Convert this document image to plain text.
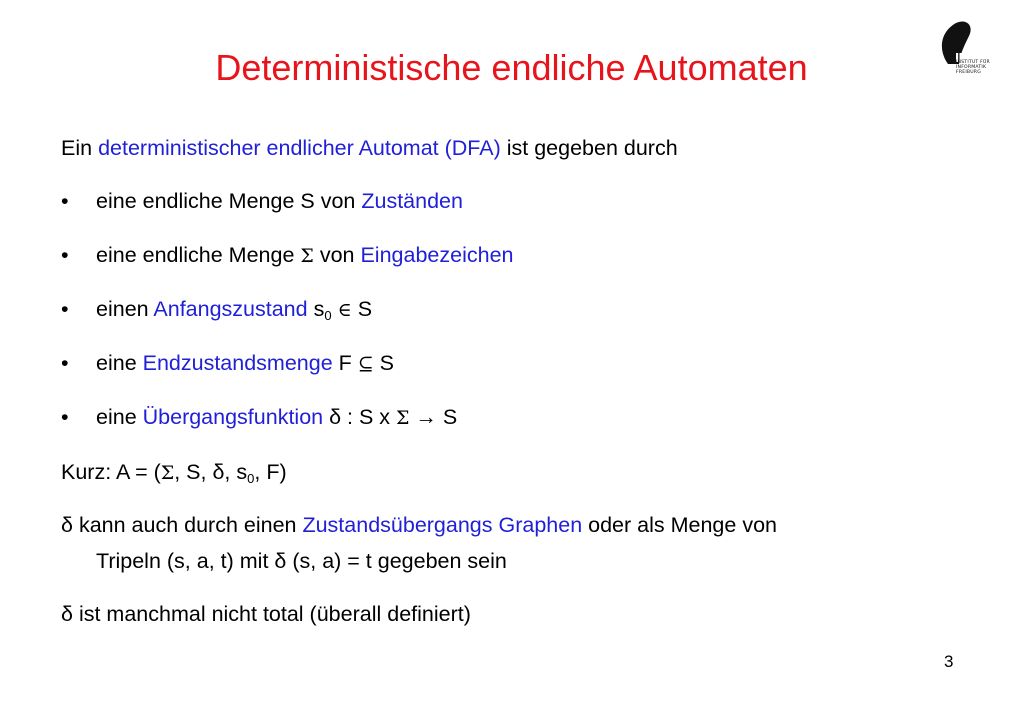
Deterministische endliche Automaten	INSTITUT FÜR
INFORMATIK
FREIBURG
Ein deterministischer endlicher Automat (DFA) ist gegeben durch
• eine endliche Menge S von Zuständen
• eine endliche Menge Σ von Eingabezeichen
• einen Anfangszustand $s_0$ ∈ S
• eine Endzustandsmenge F ⊆ S
• eine Übergangsfunktion δ : S x Σ → S
Kurz: A = (Σ, S, δ, $s_0$, F)
δ kann auch durch einen Zustandsübergangs Graphen oder als Menge von
Tripeln (s, a, t) mit δ (s, a) = t gegeben sein
δ ist manchmal nicht total (überall definiert)
3
